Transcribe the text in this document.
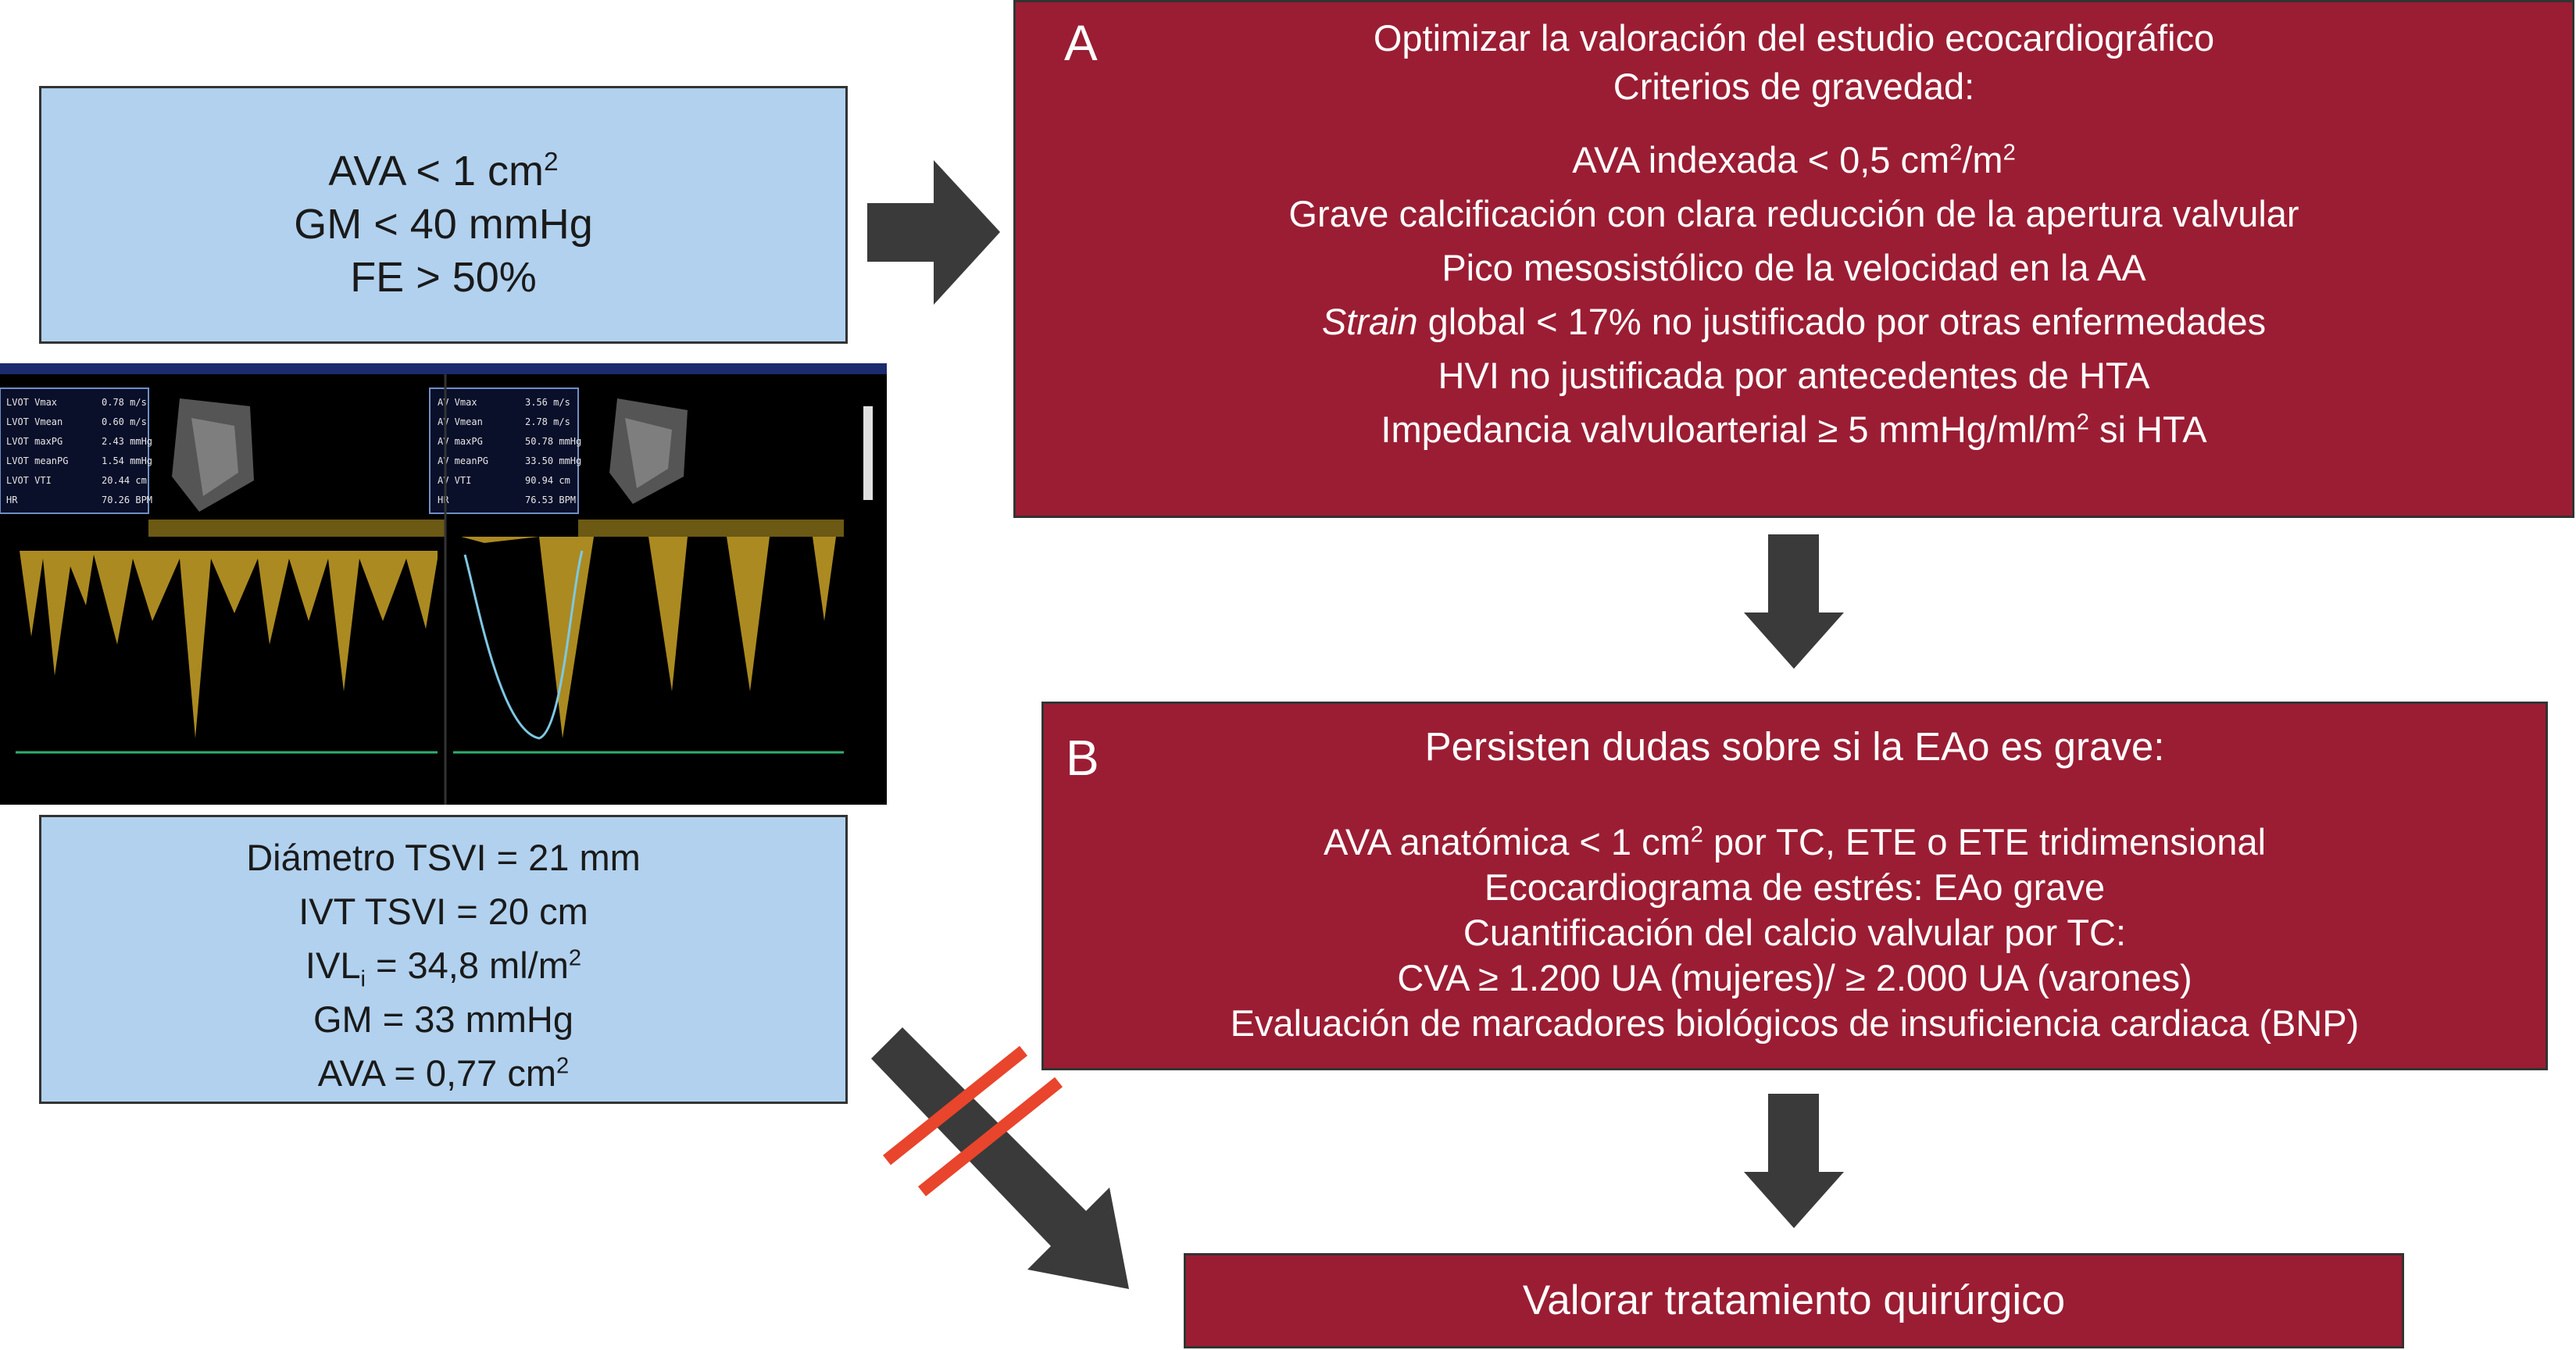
AVA < 1 $cm^2$
GM < 40 mmHg
FE > 50%
LVOT Vmax	0.78 m/s
LVOT Vmean	0.60 m/s
LVOT maxPG	2.43 mmHg
LVOT meanPG	1.54 mmHg
LVOT VTI	20.44 cm
HR	70.26 BPM
AV Vmax	3.56 m/s
AV Vmean	2.78 m/s
AV maxPG	50.78 mmHg
AV meanPG	33.50 mmHg
AV VTI	90.94 cm
HR	76.53 BPM
Diámetro TSVI = 21 mm
IVT TSVI = 20 cm
$IVL_i = 34,8$ $ml/m^2$
GM = 33 mmHg
AVA = 0,77 $cm^2$
A	Optimizar la valoración del estudio ecocardiográfico
Criterios de gravedad:
AVA indexada < 0,5 $cm^2/m^2$
Grave calcificación con clara reducción de la apertura valvular
Pico mesosistólico de la velocidad en la AA
Strain global < 17% no justificado por otras enfermedades
HVI no justificada por antecedentes de HTA
Impedancia valvuloarterial ≥ 5 mmHg/$ml/m^2$ si HTA
B	Persisten dudas sobre si la EAo es grave:
AVA anatómica < 1 $cm^2$ por TC, ETE o ETE tridimensional
Ecocardiograma de estrés: EAo grave
Cuantificación del calcio valvular por TC:
CVA ≥ 1.200 UA (mujeres)/ ≥ 2.000 UA (varones)
Evaluación de marcadores biológicos de insuficiencia cardiaca (BNP)
Valorar tratamiento quirúrgico
